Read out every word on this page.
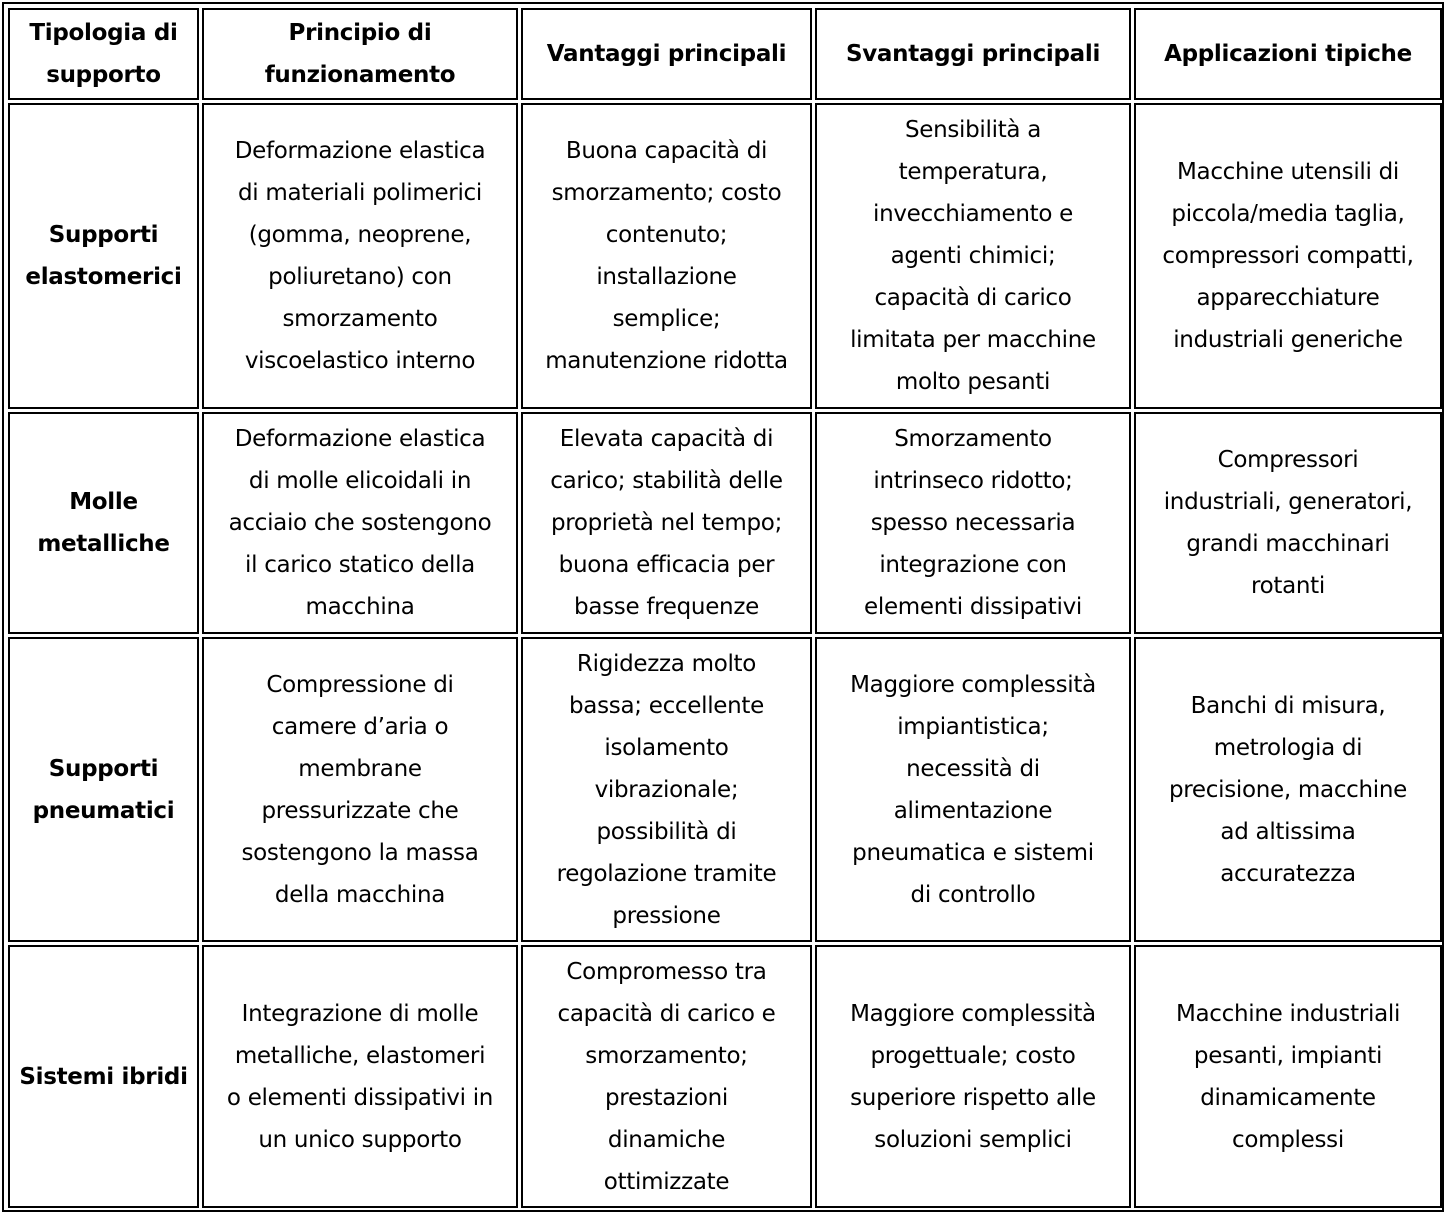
Tipologia di
supporto
Principio di
funzionamento
Vantaggi principali	Svantaggi principali	Applicazioni tipiche
Supporti
elastomerici
Deformazione elastica
di materiali polimerici
(gomma, neoprene,
poliuretano) con
smorzamento
viscoelastico interno
Buona capacità di
smorzamento; costo
contenuto;
installazione
semplice;
manutenzione ridotta
Sensibilità a
temperatura,
invecchiamento e
agenti chimici;
capacità di carico
limitata per macchine
molto pesanti
Macchine utensili di
piccola/media taglia,
compressori compatti,
apparecchiature
industriali generiche
Molle
metalliche
Deformazione elastica
di molle elicoidali in
acciaio che sostengono
il carico statico della
macchina
Elevata capacità di
carico; stabilità delle
proprietà nel tempo;
buona efficacia per
basse frequenze
Smorzamento
intrinseco ridotto;
spesso necessaria
integrazione con
elementi dissipativi
Compressori
industriali, generatori,
grandi macchinari
rotanti
Supporti
pneumatici
Compressione di
camere d’aria o
membrane
pressurizzate che
sostengono la massa
della macchina
Rigidezza molto
bassa; eccellente
isolamento
vibrazionale;
possibilità di
regolazione tramite
pressione
Maggiore complessità
impiantistica;
necessità di
alimentazione
pneumatica e sistemi
di controllo
Banchi di misura,
metrologia di
precisione, macchine
ad altissima
accuratezza
Sistemi ibridi
Integrazione di molle
metalliche, elastomeri
o elementi dissipativi in
un unico supporto
Compromesso tra
capacità di carico e
smorzamento;
prestazioni
dinamiche
ottimizzate
Maggiore complessità
progettuale; costo
superiore rispetto alle
soluzioni semplici
Macchine industriali
pesanti, impianti
dinamicamente
complessi
